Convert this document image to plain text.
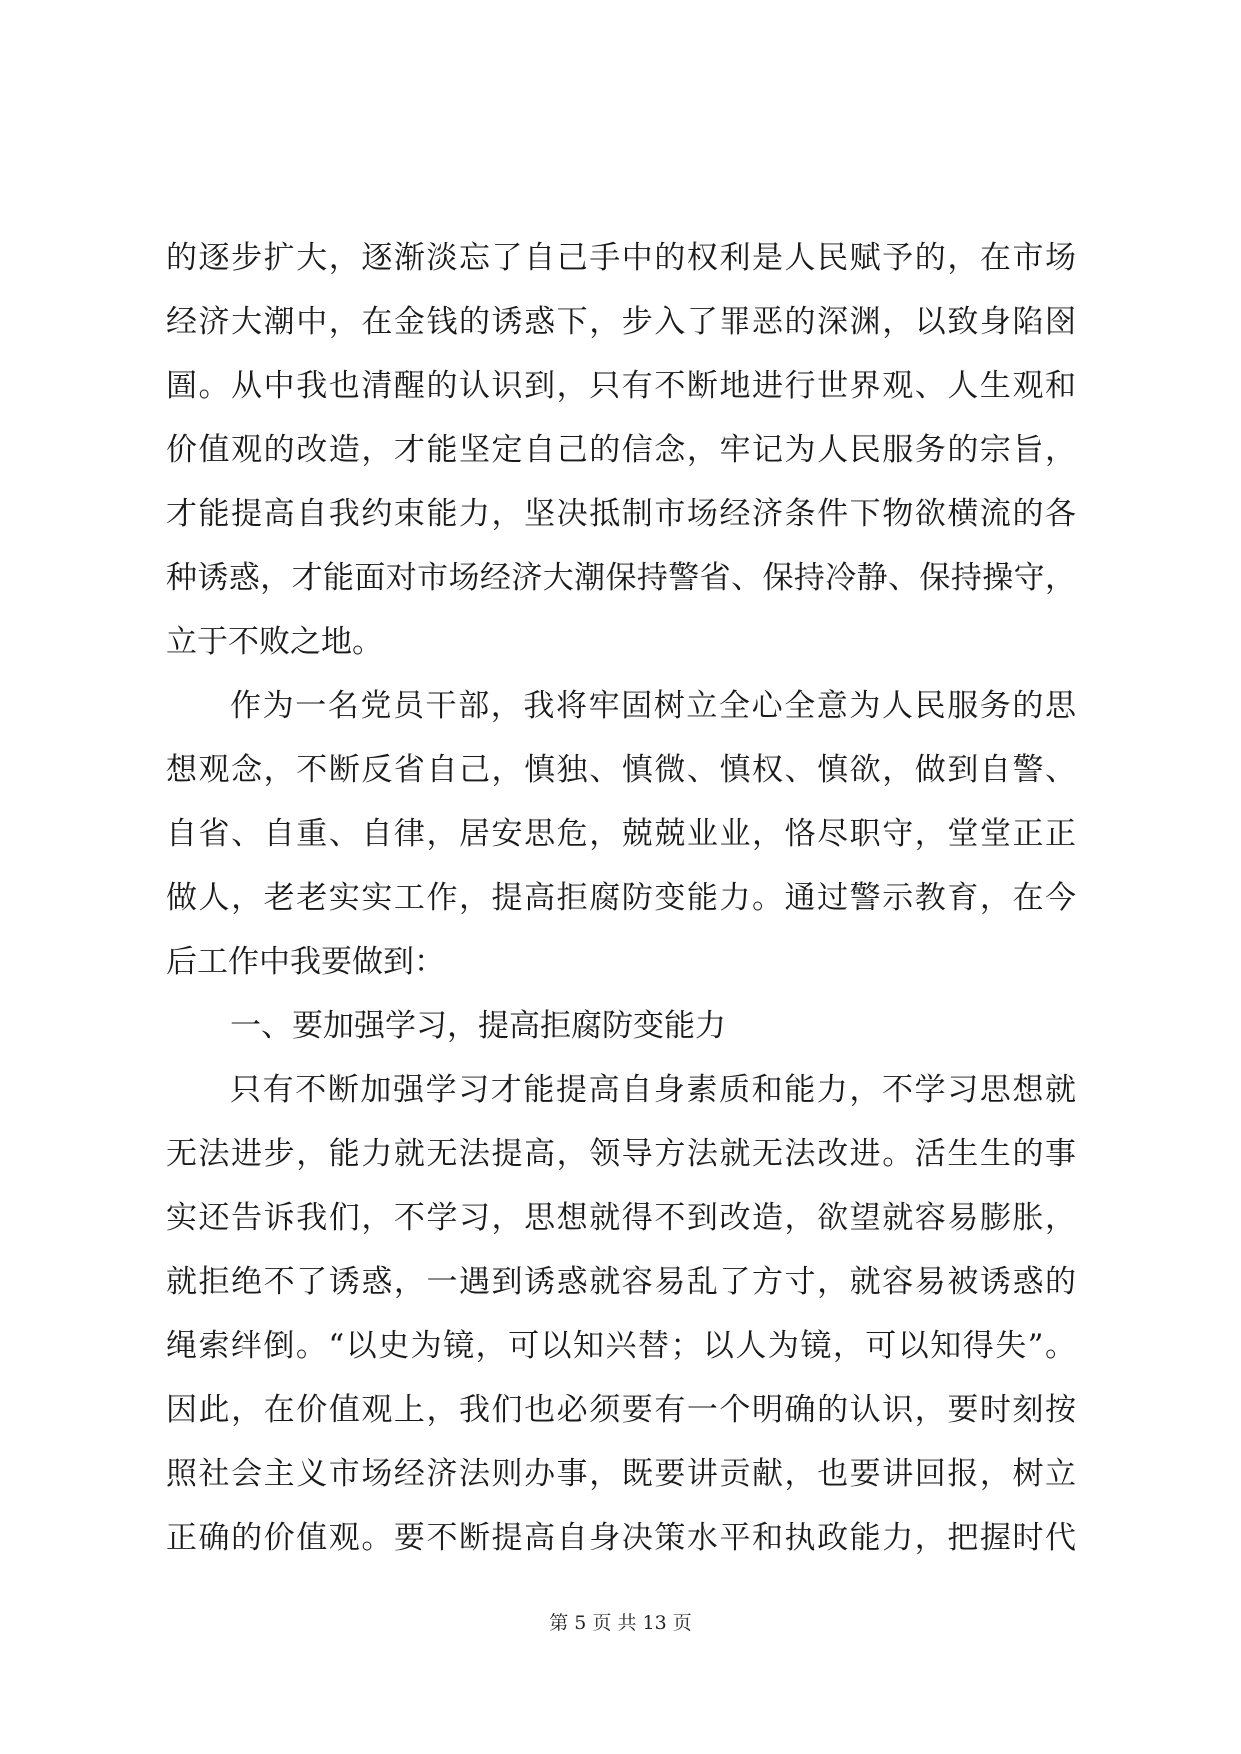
的逐步扩大，逐渐淡忘了自己手中的权利是人民赋予的，在市场
经济大潮中，在金钱的诱惑下，步入了罪恶的深渊，以致身陷囹
圄。从中我也清醒的认识到，只有不断地进行世界观、人生观和
价值观的改造，才能坚定自己的信念，牢记为人民服务的宗旨，
才能提高自我约束能力，坚决抵制市场经济条件下物欲横流的各
种诱惑，才能面对市场经济大潮保持警省、保持冷静、保持操守，
立于不败之地。
作为一名党员干部，我将牢固树立全心全意为人民服务的思
想观念，不断反省自己，慎独、慎微、慎权、慎欲，做到自警、
自省、自重、自律，居安思危，兢兢业业，恪尽职守，堂堂正正
做人，老老实实工作，提高拒腐防变能力。通过警示教育，在今
后工作中我要做到：
一、要加强学习，提高拒腐防变能力
只有不断加强学习才能提高自身素质和能力，不学习思想就
无法进步，能力就无法提高，领导方法就无法改进。活生生的事
实还告诉我们，不学习，思想就得不到改造，欲望就容易膨胀，
就拒绝不了诱惑，一遇到诱惑就容易乱了方寸，就容易被诱惑的
绳索绊倒。“以史为镜，可以知兴替；以人为镜，可以知得失”。
因此，在价值观上，我们也必须要有一个明确的认识，要时刻按
照社会主义市场经济法则办事，既要讲贡献，也要讲回报，树立
正确的价值观。要不断提高自身决策水平和执政能力，把握时代
第 5 页 共 13 页
